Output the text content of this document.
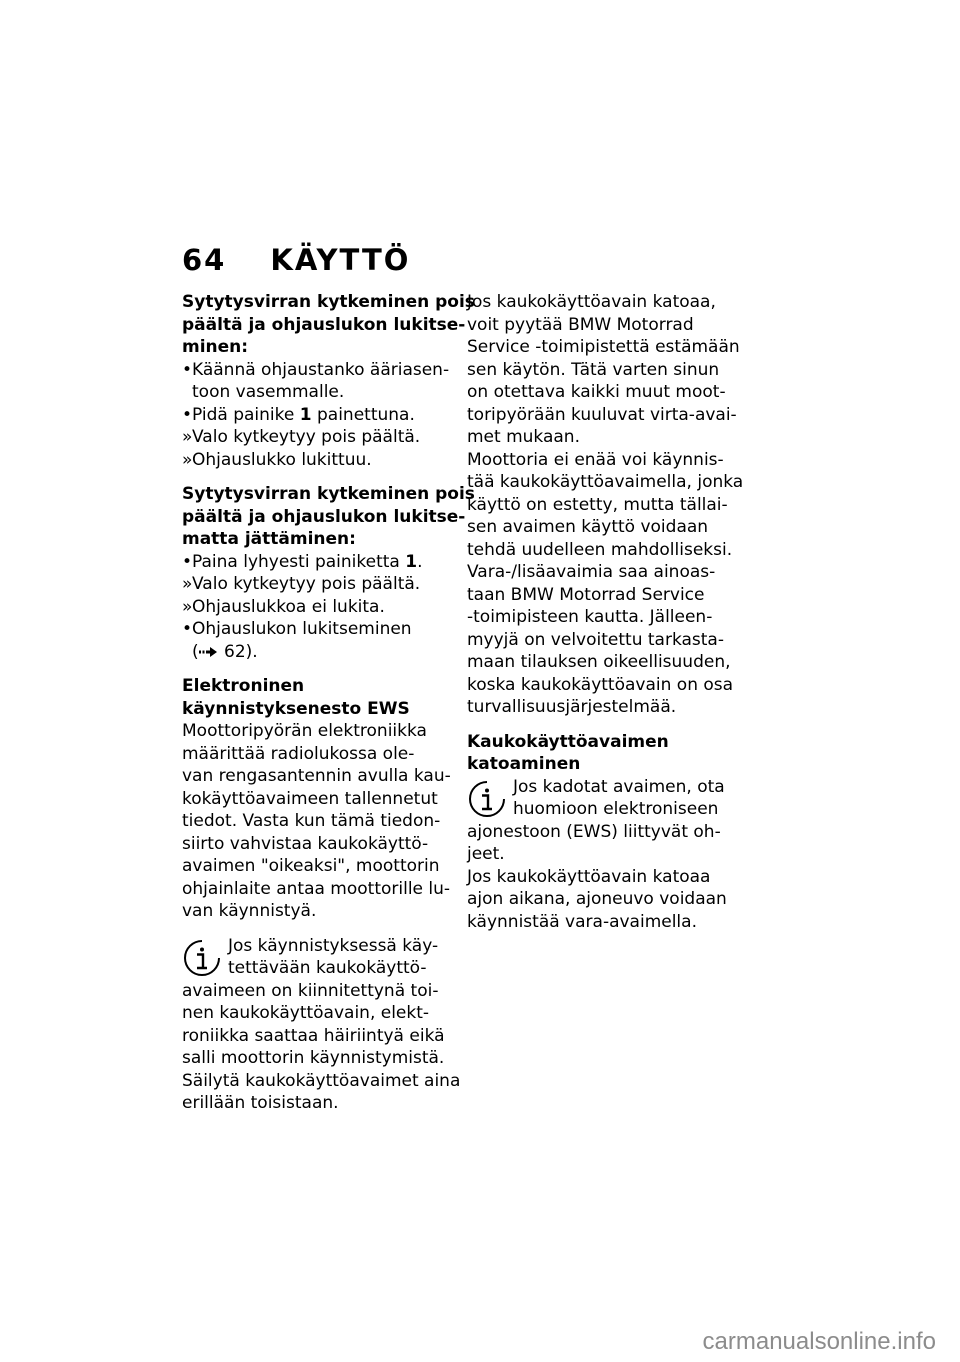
64 KÄYTTÖ
Sytytysvirran kytkeminen pois
päältä ja ohjauslukon lukitse-
minen:
• Käännä ohjaustanko ääriasen-
toon vasemmalle.
• Pidä painike 1 painettuna.
» Valo kytkeytyy pois päältä.
» Ohjauslukko lukittuu.
Sytytysvirran kytkeminen pois
päältä ja ohjauslukon lukitse-
matta jättäminen:
• Paina lyhyesti painiketta 1.
» Valo kytkeytyy pois päältä.
» Ohjauslukkoa ei lukita.
• Ohjauslukon lukitseminen
( 62).
Elektroninen
käynnistyksenesto EWS
Moottoripyörän elektroniikka
määrittää radiolukossa ole-
van rengasantennin avulla kau-
kokäyttöavaimeen tallennetut
tiedot. Vasta kun tämä tiedon-
siirto vahvistaa kaukokäyttö-
avaimen "oikeaksi", moottorin
ohjainlaite antaa moottorille lu-
van käynnistyä.
Jos käynnistyksessä käy-
tettävään kaukokäyttö-
avaimeen on kiinnitettynä toi-
nen kaukokäyttöavain, elekt-
roniikka saattaa häiriintyä eikä
salli moottorin käynnistymistä.
Säilytä kaukokäyttöavaimet aina
erillään toisistaan.
Jos kaukokäyttöavain katoaa,
voit pyytää BMW Motorrad
Service -toimipistettä estämään
sen käytön. Tätä varten sinun
on otettava kaikki muut moot-
toripyörään kuuluvat virta-avai-
met mukaan.
Moottoria ei enää voi käynnis-
tää kaukokäyttöavaimella, jonka
käyttö on estetty, mutta tällai-
sen avaimen käyttö voidaan
tehdä uudelleen mahdolliseksi.
Vara-/lisäavaimia saa ainoas-
taan BMW Motorrad Service
-toimipisteen kautta. Jälleen-
myyjä on velvoitettu tarkasta-
maan tilauksen oikeellisuuden,
koska kaukokäyttöavain on osa
turvallisuusjärjestelmää.
Kaukokäyttöavaimen
katoaminen
Jos kadotat avaimen, ota
huomioon elektroniseen
ajonestoon (EWS) liittyvät oh-
jeet.
Jos kaukokäyttöavain katoaa
ajon aikana, ajoneuvo voidaan
käynnistää vara-avaimella.
carmanualsonline.info
